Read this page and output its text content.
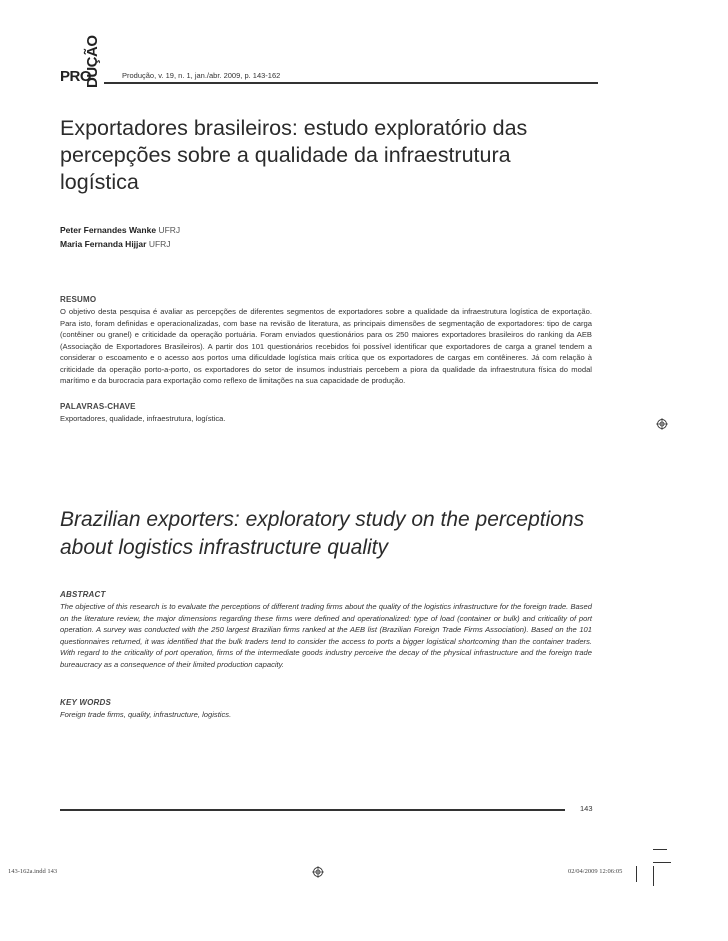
PRO
DUÇÃO	Produção, v. 19, n. 1, jan./abr. 2009, p. 143-162
Exportadores brasileiros: estudo exploratório das percepções sobre a qualidade da infraestrutura logística
Peter Fernandes Wanke UFRJ
Maria Fernanda Hijjar UFRJ
RESUMO
O objetivo desta pesquisa é avaliar as percepções de diferentes segmentos de exportadores sobre a qualidade da infraestrutura logística de exportação. Para isto, foram definidas e operacionalizadas, com base na revisão de literatura, as principais dimensões de segmentação de exportadores: tipo de carga (contêiner ou granel) e criticidade da operação portuária. Foram enviados questionários para os 250 maiores exportadores brasileiros do ranking da AEB (Associação de Exportadores Brasileiros). A partir dos 101 questionários recebidos foi possível identificar que exportadores de carga a granel tendem a considerar o escoamento e o acesso aos portos uma dificuldade logística mais crítica que os exportadores de cargas em contêineres. Já com relação à criticidade da operação porto-a-porto, os exportadores do setor de insumos industriais percebem a piora da qualidade da infraestrutura física do modal marítimo e da burocracia para exportação como reflexo de limitações na sua capacidade de produção.
PALAVRAS-CHAVE
Exportadores, qualidade, infraestrutura, logística.
Brazilian exporters: exploratory study on the perceptions about logistics infrastructure quality
ABSTRACT
The objective of this research is to evaluate the perceptions of different trading firms about the quality of the logistics infrastructure for the foreign trade. Based on the literature review, the major dimensions regarding these firms were defined and operationalized: type of load (container or bulk) and criticality of port operation. A survey was conducted with the 250 largest Brazilian firms ranked at the AEB list (Brazilian Foreign Trade Firms Association). Based on the 101 questionnaires returned, it was identified that the bulk traders tend to consider the access to ports a bigger logistical shortcoming than the container traders. With regard to the criticality of port operation, firms of the intermediate goods industry perceive the decay of the physical infrastructure and the foreign trade bureaucracy as a consequence of their limited production capacity.
KEY WORDS
Foreign trade firms, quality, infrastructure, logistics.
143
143-162a.indd 143	02/04/2009 12:06:05
